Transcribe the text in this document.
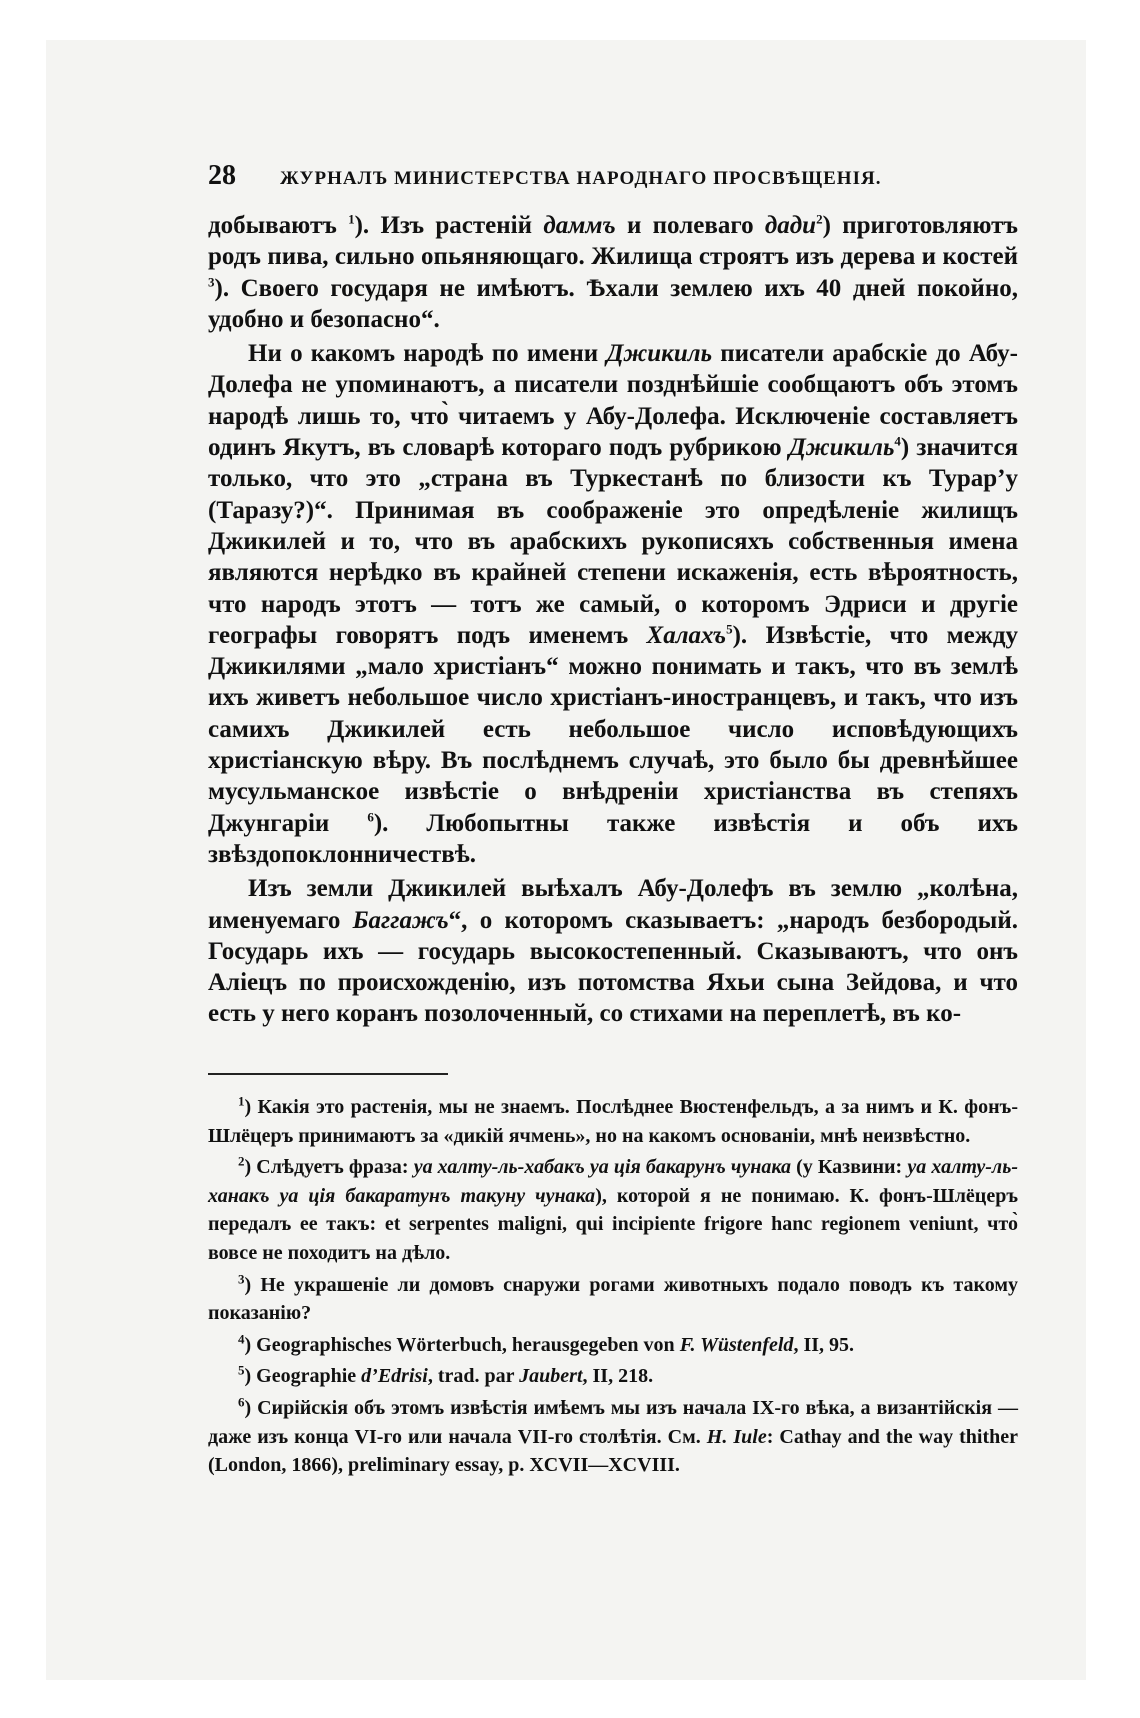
28 ЖУРНАЛЪ МИНИСТЕРСТВА НАРОДНАГО ПРОСВѢЩЕНІЯ.

добываютъ $^1$). Изъ растеній даммъ и полеваго дади$^2$) приготовляютъ родъ пива, сильно опьяняющаго. Жилища строятъ изъ дерева и костей $^3$). Своего государя не имѣютъ. Ѣхали землею ихъ 40 дней покойно, удобно и безопасно“.

Ни о какомъ народѣ по имени Джикиль писатели арабскіе до Абу-Долефа не упоминаютъ, а писатели позднѣйшіе сообщаютъ объ этомъ народѣ лишь то, что̀ читаемъ у Абу-Долефа. Исключеніе составляетъ одинъ Якутъ, въ словарѣ котораго подъ рубрикою Джикиль$^4$) значится только, что это „страна въ Туркестанѣ по близости къ Турар’у (Таразу?)“. Принимая въ соображеніе это опредѣленіе жилищъ Джикилей и то, что въ арабскихъ рукописяхъ собственныя имена являются нерѣдко въ крайней степени искаженія, есть вѣроятность, что народъ этотъ — тотъ же самый, о которомъ Эдриси и другіе географы говорятъ подъ именемъ Халахъ$^5$). Извѣстіе, что между Джикилями „мало христіанъ“ можно понимать и такъ, что въ землѣ ихъ живетъ небольшое число христіанъ-иностранцевъ, и такъ, что изъ самихъ Джикилей есть небольшое число исповѣдующихъ христіанскую вѣру. Въ послѣднемъ случаѣ, это было бы древнѣйшее мусульманское извѣстіе о внѣдреніи христіанства въ степяхъ Джунгаріи $^6$). Любопытны также извѣстія и объ ихъ звѣздопоклонничествѣ.

Изъ земли Джикилей выѣхалъ Абу-Долефъ въ землю „колѣна, именуемаго Баггажъ“, о которомъ сказываетъ: „народъ безбородый. Государь ихъ — государь высокостепенный. Сказываютъ, что онъ Аліецъ по происхожденію, изъ потомства Яхьи сына Зейдова, и что есть у него коранъ позолоченный, со стихами на переплетѣ, въ ко-

$^1$) Какія это растенія, мы не знаемъ. Послѣднее Вюстенфельдъ, а за нимъ и К. фонъ-Шлёцеръ принимаютъ за «дикій ячмень», но на какомъ основаніи, мнѣ неизвѣстно.

$^2$) Слѣдуетъ фраза: уа халту-ль-хабакъ уа ція бакарунъ чунака (у Казвини: уа халту-ль-ханакъ уа ція бакаратунъ такуну чунака), которой я не понимаю. К. фонъ-Шлёцеръ передалъ ее такъ: et serpentes maligni, qui incipiente frigore hanc regionem veniunt, что̀ вовсе не походитъ на дѣло.

$^3$) Не украшеніе ли домовъ снаружи рогами животныхъ подало поводъ къ такому показанію?

$^4$) Geographisches Wörterbuch, herausgegeben von F. Wüstenfeld, II, 95.

$^5$) Geographie d’Edrisi, trad. par Jaubert, II, 218.

$^6$) Сирійскія объ этомъ извѣстія имѣемъ мы изъ начала IX-го вѣка, а византійскія — даже изъ конца VI-го или начала VII-го столѣтія. См. H. Iule: Cathay and the way thither (London, 1866), preliminary essay, p. XCVII—XCVIII.
